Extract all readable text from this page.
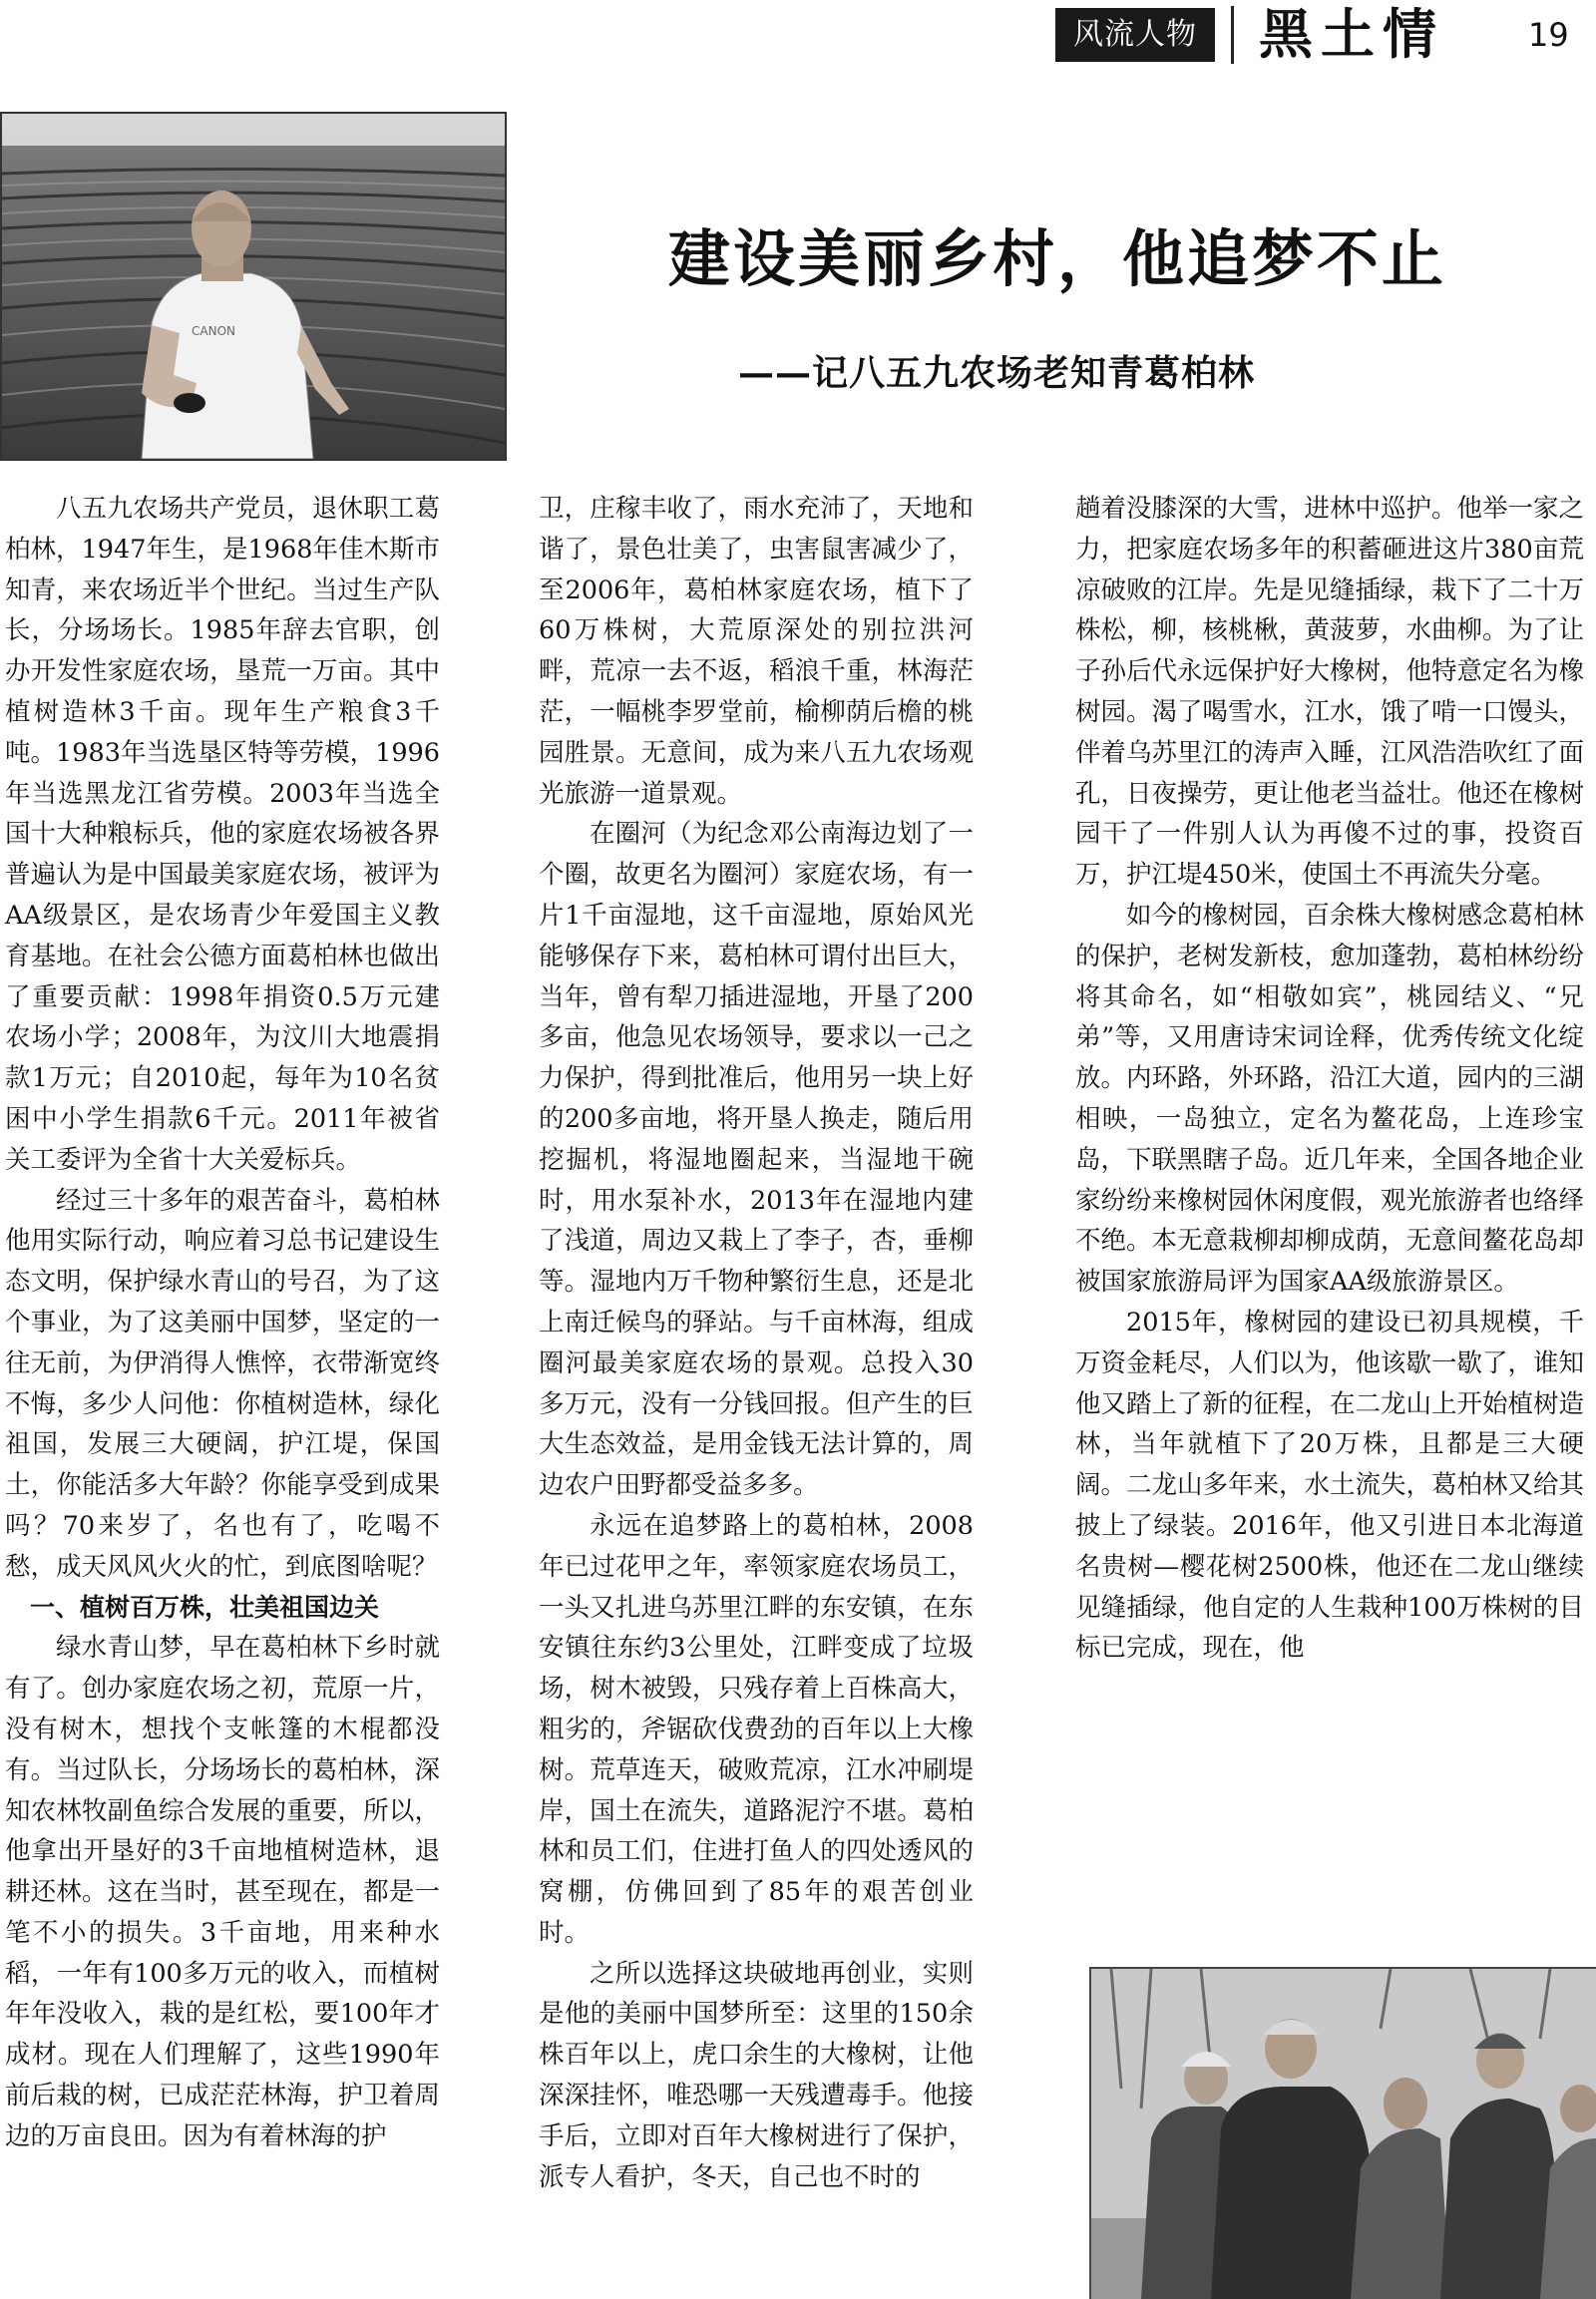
风流人物	黑土情	19
CANON
建设美丽乡村，他追梦不止
——记八五九农场老知青葛柏林

八五九农场共产党员，退休职工葛柏林，1947年生，是1968年佳木斯市知青，来农场近半个世纪。当过生产队长，分场场长。1985年辞去官职，创办开发性家庭农场，垦荒一万亩。其中植树造林3千亩。现年生产粮食3千吨。1983年当选垦区特等劳模，1996年当选黑龙江省劳模。2003年当选全国十大种粮标兵，他的家庭农场被各界普遍认为是中国最美家庭农场，被评为AA级景区，是农场青少年爱国主义教育基地。在社会公德方面葛柏林也做出了重要贡献：1998年捐资0.5万元建农场小学；2008年，为汶川大地震捐款1万元；自2010起，每年为10名贫困中小学生捐款6千元。2011年被省关工委评为全省十大关爱标兵。

经过三十多年的艰苦奋斗，葛柏林他用实际行动，响应着习总书记建设生态文明，保护绿水青山的号召，为了这个事业，为了这美丽中国梦，坚定的一往无前，为伊消得人憔悴，衣带渐宽终不悔，多少人问他：你植树造林，绿化祖国，发展三大硬阔，护江堤，保国土，你能活多大年龄？你能享受到成果吗？70来岁了，名也有了，吃喝不愁，成天风风火火的忙，到底图啥呢？

一、植树百万株，壮美祖国边关

绿水青山梦，早在葛柏林下乡时就有了。创办家庭农场之初，荒原一片，没有树木，想找个支帐篷的木棍都没有。当过队长，分场场长的葛柏林，深知农林牧副鱼综合发展的重要，所以，他拿出开垦好的3千亩地植树造林，退耕还林。这在当时，甚至现在，都是一笔不小的损失。3千亩地，用来种水稻，一年有100多万元的收入，而植树年年没收入，栽的是红松，要100年才成材。现在人们理解了，这些1990年前后栽的树，已成茫茫林海，护卫着周边的万亩良田。因为有着林海的护

卫，庄稼丰收了，雨水充沛了，天地和谐了，景色壮美了，虫害鼠害减少了，至2006年，葛柏林家庭农场，植下了60万株树，大荒原深处的别拉洪河畔，荒凉一去不返，稻浪千重，林海茫茫，一幅桃李罗堂前，榆柳荫后檐的桃园胜景。无意间，成为来八五九农场观光旅游一道景观。

在圈河（为纪念邓公南海边划了一个圈，故更名为圈河）家庭农场，有一片1千亩湿地，这千亩湿地，原始风光能够保存下来，葛柏林可谓付出巨大，当年，曾有犁刀插进湿地，开垦了200多亩，他急见农场领导，要求以一己之力保护，得到批准后，他用另一块上好的200多亩地，将开垦人换走，随后用挖掘机，将湿地圈起来，当湿地干碗时，用水泵补水，2013年在湿地内建了浅道，周边又栽上了李子，杏，垂柳等。湿地内万千物种繁衍生息，还是北上南迁候鸟的驿站。与千亩林海，组成圈河最美家庭农场的景观。总投入30多万元，没有一分钱回报。但产生的巨大生态效益，是用金钱无法计算的，周边农户田野都受益多多。

永远在追梦路上的葛柏林，2008年已过花甲之年，率领家庭农场员工，一头又扎进乌苏里江畔的东安镇，在东安镇往东约3公里处，江畔变成了垃圾场，树木被毁，只残存着上百株高大，粗劣的，斧锯砍伐费劲的百年以上大橡树。荒草连天，破败荒凉，江水冲刷堤岸，国土在流失，道路泥泞不堪。葛柏林和员工们，住进打鱼人的四处透风的窝棚，仿佛回到了85年的艰苦创业时。

之所以选择这块破地再创业，实则是他的美丽中国梦所至：这里的150余株百年以上，虎口余生的大橡树，让他深深挂怀，唯恐哪一天残遭毒手。他接手后，立即对百年大橡树进行了保护，派专人看护，冬天，自己也不时的

趟着没膝深的大雪，进林中巡护。他举一家之力，把家庭农场多年的积蓄砸进这片380亩荒凉破败的江岸。先是见缝插绿，栽下了二十万株松，柳，核桃楸，黄菠萝，水曲柳。为了让子孙后代永远保护好大橡树，他特意定名为橡树园。渴了喝雪水，江水，饿了啃一口馒头，伴着乌苏里江的涛声入睡，江风浩浩吹红了面孔，日夜操劳，更让他老当益壮。他还在橡树园干了一件别人认为再傻不过的事，投资百万，护江堤450米，使国土不再流失分毫。

如今的橡树园，百余株大橡树感念葛柏林的保护，老树发新枝，愈加蓬勃，葛柏林纷纷将其命名，如“相敬如宾”，桃园结义、“兄弟”等，又用唐诗宋词诠释，优秀传统文化绽放。内环路，外环路，沿江大道，园内的三湖相映，一岛独立，定名为鳌花岛，上连珍宝岛，下联黑瞎子岛。近几年来，全国各地企业家纷纷来橡树园休闲度假，观光旅游者也络绎不绝。本无意栽柳却柳成荫，无意间鳌花岛却被国家旅游局评为国家AA级旅游景区。

2015年，橡树园的建设已初具规模，千万资金耗尽，人们以为，他该歇一歇了，谁知他又踏上了新的征程，在二龙山上开始植树造林，当年就植下了20万株，且都是三大硬阔。二龙山多年来，水土流失，葛柏林又给其披上了绿装。2016年，他又引进日本北海道名贵树—樱花树2500株，他还在二龙山继续见缝插绿，他自定的人生栽种100万株树的目标已完成，现在，他
